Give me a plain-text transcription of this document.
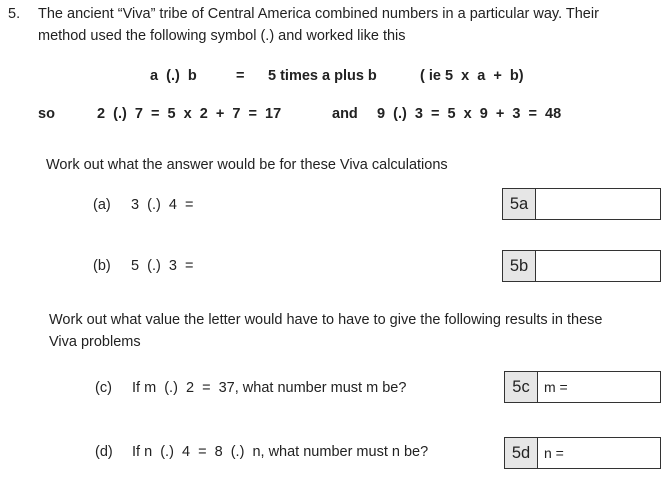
5. The ancient “Viva” tribe of Central America combined numbers in a particular way. Their
method used the following symbol (.) and worked like this
a  (.)  b	= 5 times a plus b	( ie 5  x  a  +  b)
so	2  (.)  7  =  5  x  2  +  7  =  17	and 9  (.)  3  =  5  x  9  +  3  =  48
Work out what the answer would be for these Viva calculations
(a) 3  (.)  4  =	5a
(b) 5  (.)  3  =	5b
Work out what value the letter would have to have to give the following results in these
Viva problems
(c) If m  (.)  2  =  37, what number must m be?	5c	m =
(d) If n  (.)  4  =  8  (.)  n, what number must n be?	5d n =
